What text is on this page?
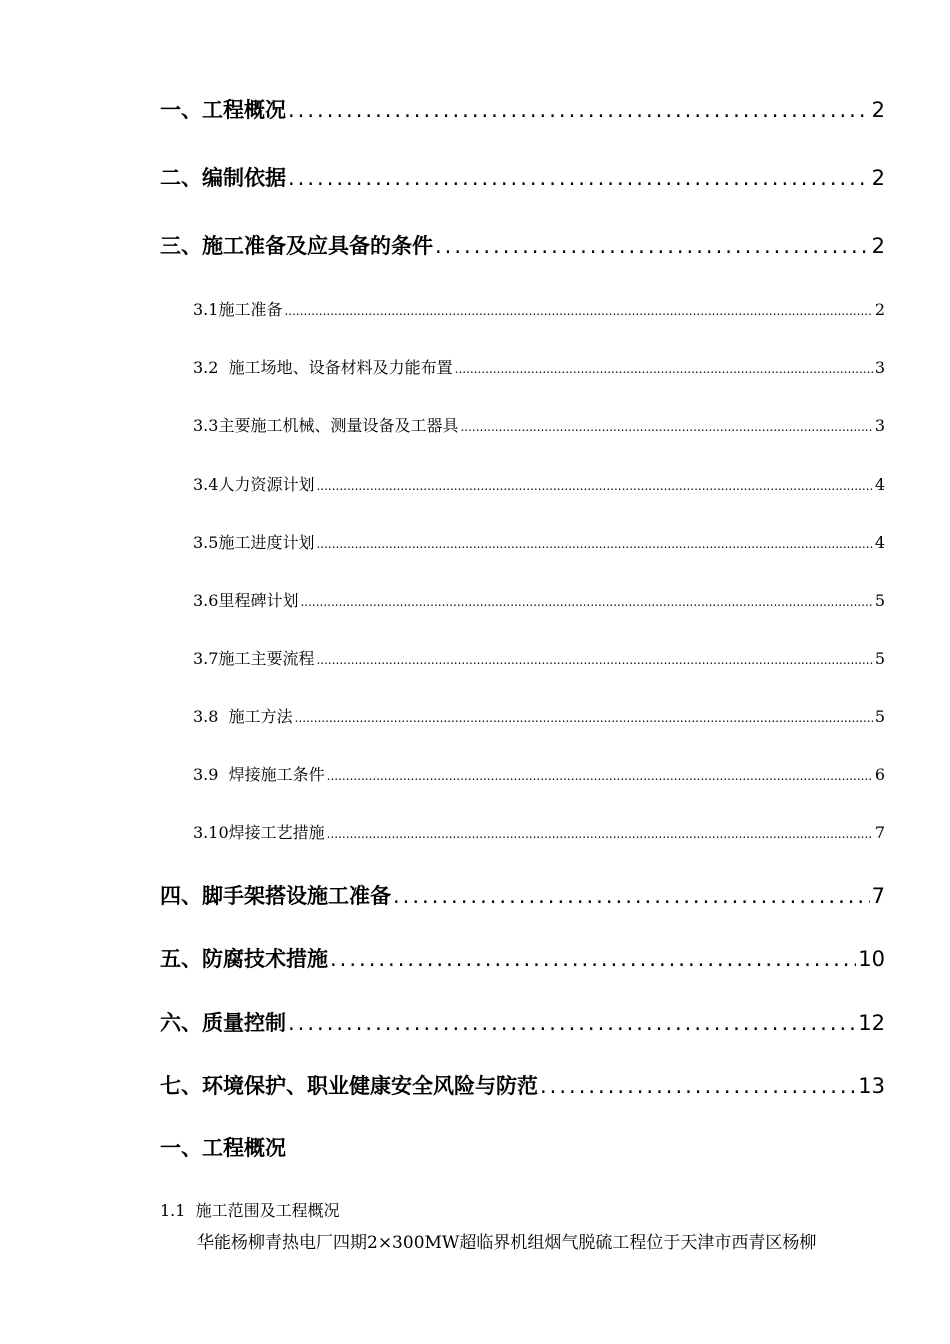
一、工程概况 .....	2
二、编制依据 .....	2
三、施工准备及应具备的条件 .....	2
3.1施工准备 .....	2
3.2  施工场地、设备材料及力能布置 .....	3
3.3主要施工机械、测量设备及工器具 .....	3
3.4人力资源计划 .....	4
3.5施工进度计划 .....	4
3.6里程碑计划 .....	5
3.7施工主要流程 .....	5
3.8  施工方法 .....	5
3.9  焊接施工条件 .....	6
3.10焊接工艺措施 .....	7
四、脚手架搭设施工准备 .....	7
五、防腐技术措施 .....	10
六、质量控制 .....	12
七、环境保护、职业健康安全风险与防范 .....	13
一、工程概况
1.1  施工范围及工程概况
华能杨柳青热电厂四期2×300MW超临界机组烟气脱硫工程位于天津市西青区杨柳
